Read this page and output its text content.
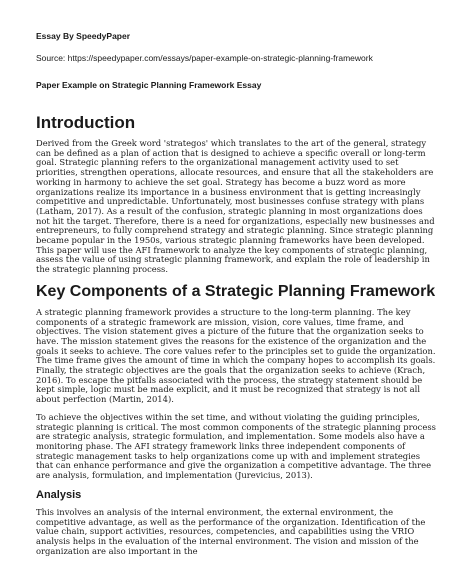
Essay By SpeedyPaper
Source: https://speedypaper.com/essays/paper-example-on-strategic-planning-framework
Paper Example on Strategic Planning Framework Essay
Introduction

Derived from the Greek word 'strategos' which translates to the art of the general, strategy can be defined as a plan of action that is designed to achieve a specific overall or long-term goal. Strategic planning refers to the organizational management activity used to set priorities, strengthen operations, allocate resources, and ensure that all the stakeholders are working in harmony to achieve the set goal. Strategy has become a buzz word as more organizations realize its importance in a business environment that is getting increasingly competitive and unpredictable. Unfortunately, most businesses confuse strategy with plans (Latham, 2017). As a result of the confusion, strategic planning in most organizations does not hit the target. Therefore, there is a need for organizations, especially new businesses and entrepreneurs, to fully comprehend strategy and strategic planning. Since strategic planning became popular in the 1950s, various strategic planning frameworks have been developed. This paper will use the AFI framework to analyze the key components of strategic planning, assess the value of using strategic planning framework, and explain the role of leadership in the strategic planning process.

Key Components of a Strategic Planning Framework

A strategic planning framework provides a structure to the long-term planning. The key components of a strategic framework are mission, vision, core values, time frame, and objectives. The vision statement gives a picture of the future that the organization seeks to have. The mission statement gives the reasons for the existence of the organization and the goals it seeks to achieve. The core values refer to the principles set to guide the organization. The time frame gives the amount of time in which the company hopes to accomplish its goals. Finally, the strategic objectives are the goals that the organization seeks to achieve (Krach, 2016). To escape the pitfalls associated with the process, the strategy statement should be kept simple, logic must be made explicit, and it must be recognized that strategy is not all about perfection (Martin, 2014).

To achieve the objectives within the set time, and without violating the guiding principles, strategic planning is critical. The most common components of the strategic planning process are strategic analysis, strategic formulation, and implementation. Some models also have a monitoring phase. The AFI strategy framework links three independent components of strategic management tasks to help organizations come up with and implement strategies that can enhance performance and give the organization a competitive advantage. The three are analysis, formulation, and implementation (Jurevicius, 2013).

Analysis

This involves an analysis of the internal environment, the external environment, the competitive advantage, as well as the performance of the organization. Identification of the value chain, support activities, resources, competencies, and capabilities using the VRIO analysis helps in the evaluation of the internal environment. The vision and mission of the organization are also important in the
